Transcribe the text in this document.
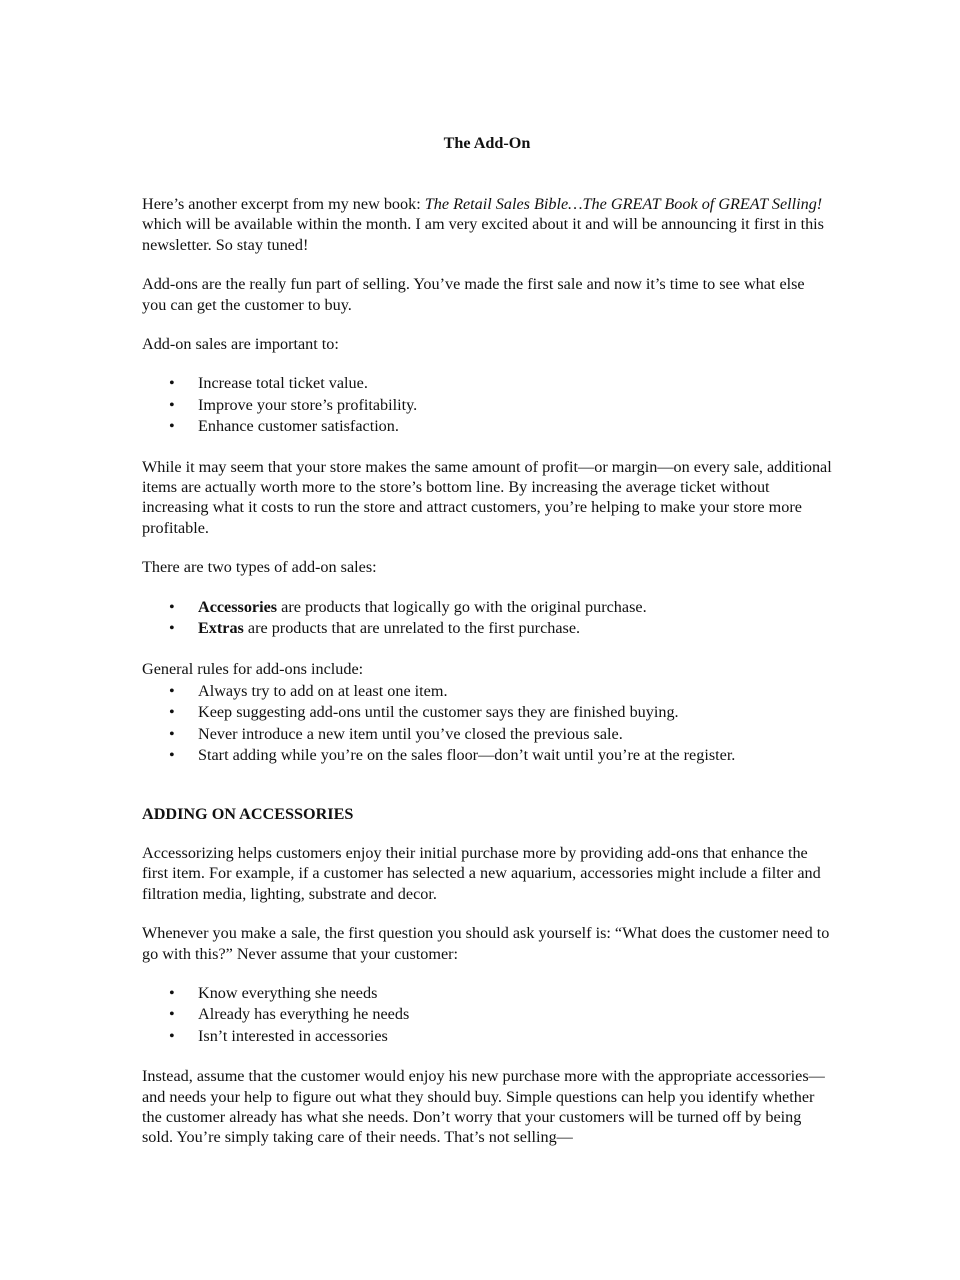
The Add-On

Here’s another excerpt from my new book: The Retail Sales Bible…The GREAT Book of GREAT Selling! which will be available within the month. I am very excited about it and will be announcing it first in this newsletter. So stay tuned!

Add-ons are the really fun part of selling. You’ve made the first sale and now it’s time to see what else you can get the customer to buy.

Add-on sales are important to:

• Increase total ticket value.
• Improve your store’s profitability.
• Enhance customer satisfaction.

While it may seem that your store makes the same amount of profit—or margin—on every sale, additional items are actually worth more to the store’s bottom line. By increasing the average ticket without increasing what it costs to run the store and attract customers, you’re helping to make your store more profitable.

There are two types of add-on sales:

• Accessories are products that logically go with the original purchase.
• Extras are products that are unrelated to the first purchase.

General rules for add-ons include:

• Always try to add on at least one item.
• Keep suggesting add-ons until the customer says they are finished buying.
• Never introduce a new item until you’ve closed the previous sale.
• Start adding while you’re on the sales floor—don’t wait until you’re at the register.
ADDING ON ACCESSORIES

Accessorizing helps customers enjoy their initial purchase more by providing add-ons that enhance the first item. For example, if a customer has selected a new aquarium, accessories might include a filter and filtration media, lighting, substrate and decor.

Whenever you make a sale, the first question you should ask yourself is: “What does the customer need to go with this?” Never assume that your customer:

• Know everything she needs
• Already has everything he needs
• Isn’t interested in accessories

Instead, assume that the customer would enjoy his new purchase more with the appropriate accessories—and needs your help to figure out what they should buy. Simple questions can help you identify whether the customer already has what she needs. Don’t worry that your customers will be turned off by being sold. You’re simply taking care of their needs. That’s not selling—
